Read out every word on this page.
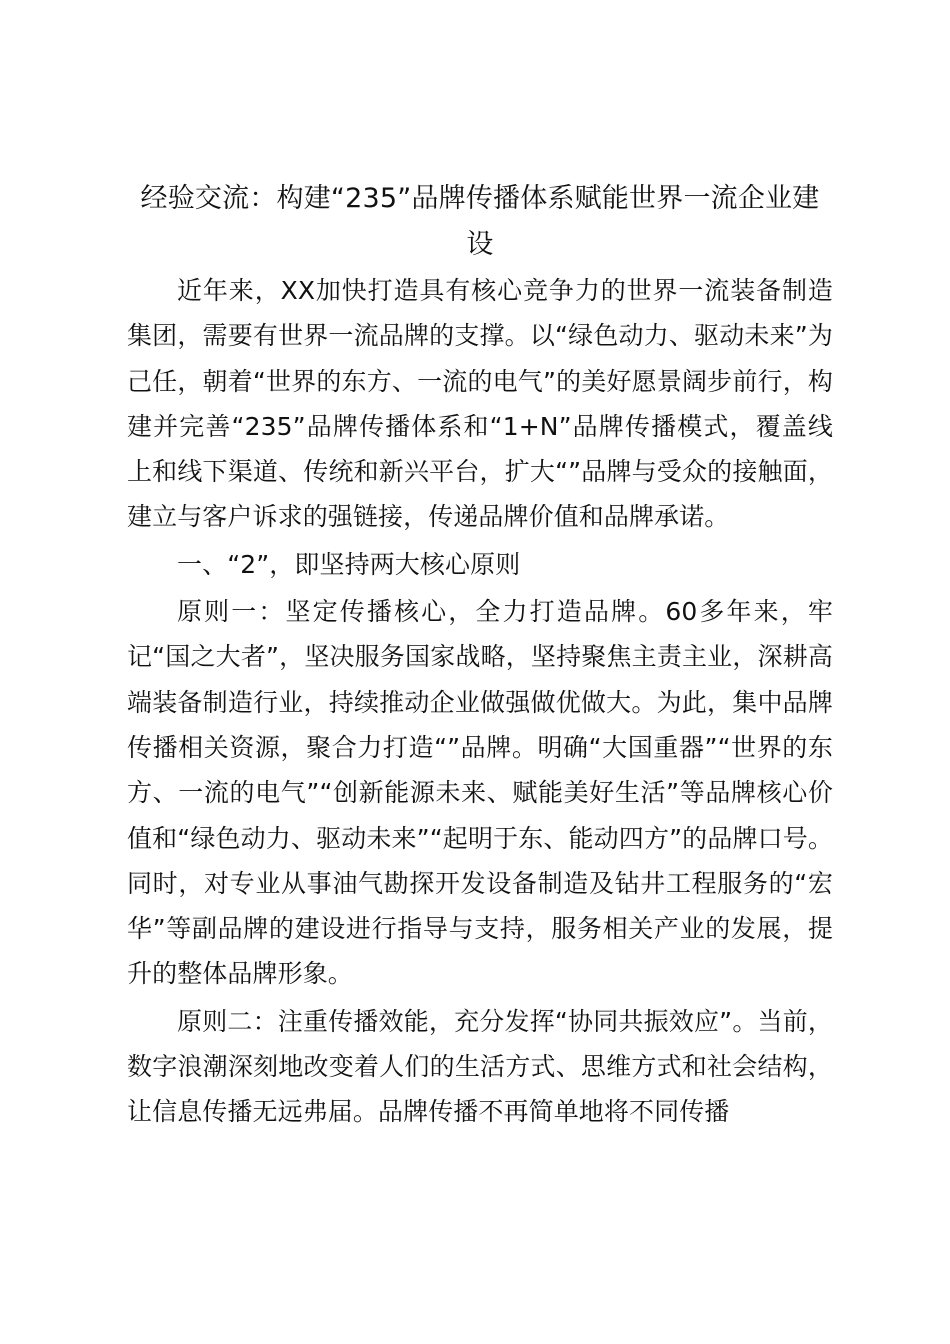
经验交流：构建“235”品牌传播体系赋能世界一流企业建设

近年来，XX加快打造具有核心竞争力的世界一流装备制造集团，需要有世界一流品牌的支撑。以“绿色动力、驱动未来”为己任，朝着“世界的东方、一流的电气”的美好愿景阔步前行，构建并完善“235”品牌传播体系和“1+N”品牌传播模式，覆盖线上和线下渠道、传统和新兴平台，扩大“”品牌与受众的接触面，建立与客户诉求的强链接，传递品牌价值和品牌承诺。

一、“2”，即坚持两大核心原则

原则一：坚定传播核心，全力打造品牌。60多年来，牢记“国之大者”，坚决服务国家战略，坚持聚焦主责主业，深耕高端装备制造行业，持续推动企业做强做优做大。为此，集中品牌传播相关资源，聚合力打造“”品牌。明确“大国重器”“世界的东方、一流的电气”“创新能源未来、赋能美好生活”等品牌核心价值和“绿色动力、驱动未来”“起明于东、能动四方”的品牌口号。同时，对专业从事油气勘探开发设备制造及钻井工程服务的“宏华”等副品牌的建设进行指导与支持，服务相关产业的发展，提升的整体品牌形象。

原则二：注重传播效能，充分发挥“协同共振效应”。当前，数字浪潮深刻地改变着人们的生活方式、思维方式和社会结构，让信息传播无远弗届。品牌传播不再简单地将不同传播
